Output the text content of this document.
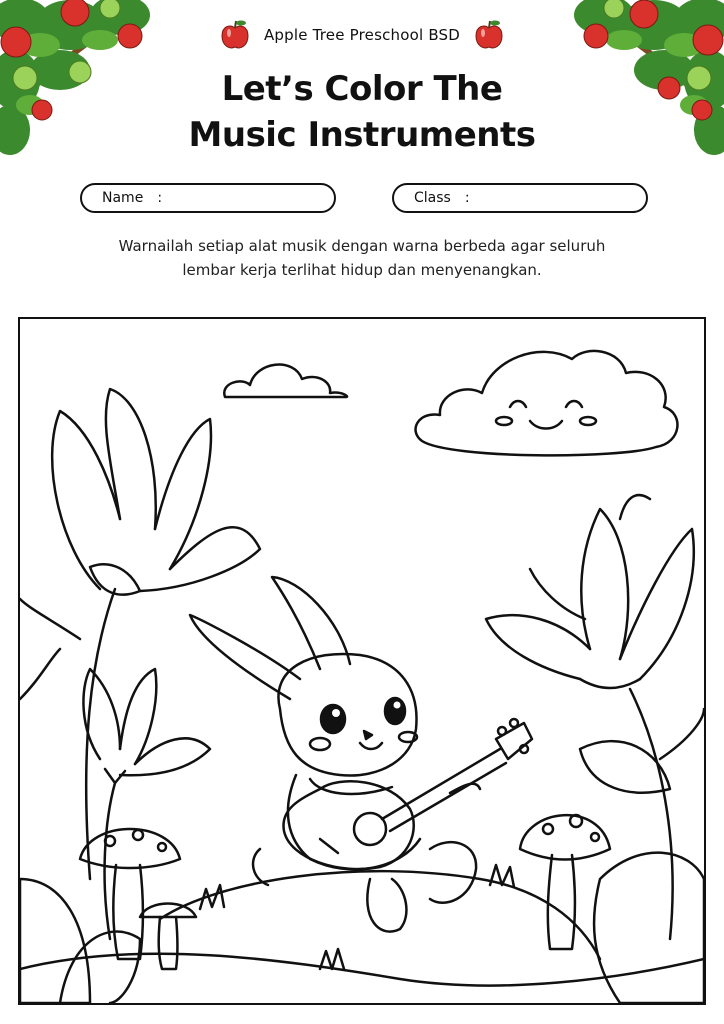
Apple Tree Preschool BSD
Let’s Color The
Music Instruments
Name :	Class :
Warnailah setiap alat musik dengan warna berbeda agar seluruh
lembar kerja terlihat hidup dan menyenangkan.
